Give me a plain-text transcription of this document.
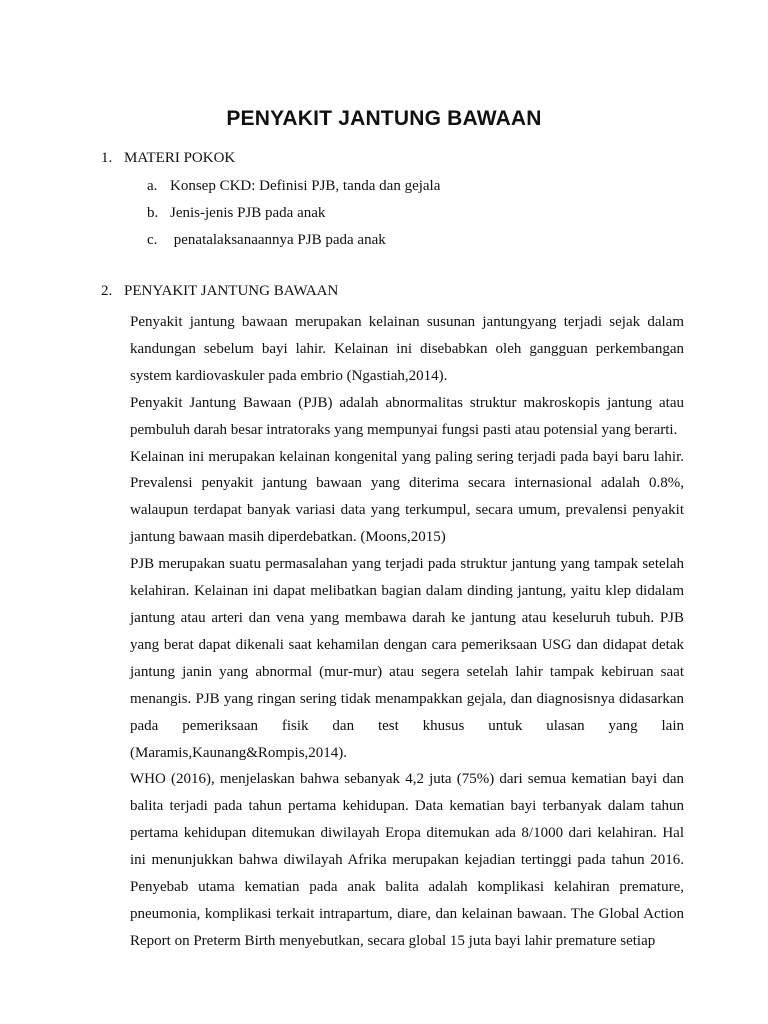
PENYAKIT JANTUNG BAWAAN
1. MATERI POKOK
a. Konsep CKD: Definisi PJB, tanda dan gejala
b. Jenis-jenis PJB pada anak
c. penatalaksanaannya PJB pada anak
2. PENYAKIT JANTUNG BAWAAN

Penyakit jantung bawaan merupakan kelainan susunan jantungyang terjadi sejak dalam kandungan sebelum bayi lahir. Kelainan ini disebabkan oleh gangguan perkembangan system kardiovaskuler pada embrio (Ngastiah,2014).

Penyakit Jantung Bawaan (PJB) adalah abnormalitas struktur makroskopis jantung atau pembuluh darah besar intratoraks yang mempunyai fungsi pasti atau potensial yang berarti.

Kelainan ini merupakan kelainan kongenital yang paling sering terjadi pada bayi baru lahir. Prevalensi penyakit jantung bawaan yang diterima secara internasional adalah 0.8%, walaupun terdapat banyak variasi data yang terkumpul, secara umum, prevalensi penyakit jantung bawaan masih diperdebatkan. (Moons,2015)

PJB merupakan suatu permasalahan yang terjadi pada struktur jantung yang tampak setelah kelahiran. Kelainan ini dapat melibatkan bagian dalam dinding jantung, yaitu klep didalam jantung atau arteri dan vena yang membawa darah ke jantung atau keseluruh tubuh. PJB yang berat dapat dikenali saat kehamilan dengan cara pemeriksaan USG dan didapat detak jantung janin yang abnormal (mur-mur) atau segera setelah lahir tampak kebiruan saat menangis. PJB yang ringan sering tidak menampakkan gejala, dan diagnosisnya didasarkan pada pemeriksaan fisik dan test khusus untuk ulasan yang lain (Maramis,Kaunang&Rompis,2014).

WHO (2016), menjelaskan bahwa sebanyak 4,2 juta (75%) dari semua kematian bayi dan balita terjadi pada tahun pertama kehidupan. Data kematian bayi terbanyak dalam tahun pertama kehidupan ditemukan diwilayah Eropa ditemukan ada 8/1000 dari kelahiran. Hal ini menunjukkan bahwa diwilayah Afrika merupakan kejadian tertinggi pada tahun 2016. Penyebab utama kematian pada anak balita adalah komplikasi kelahiran premature, pneumonia, komplikasi terkait intrapartum, diare, dan kelainan bawaan. The Global Action Report on Preterm Birth menyebutkan, secara global 15 juta bayi lahir premature setiap
